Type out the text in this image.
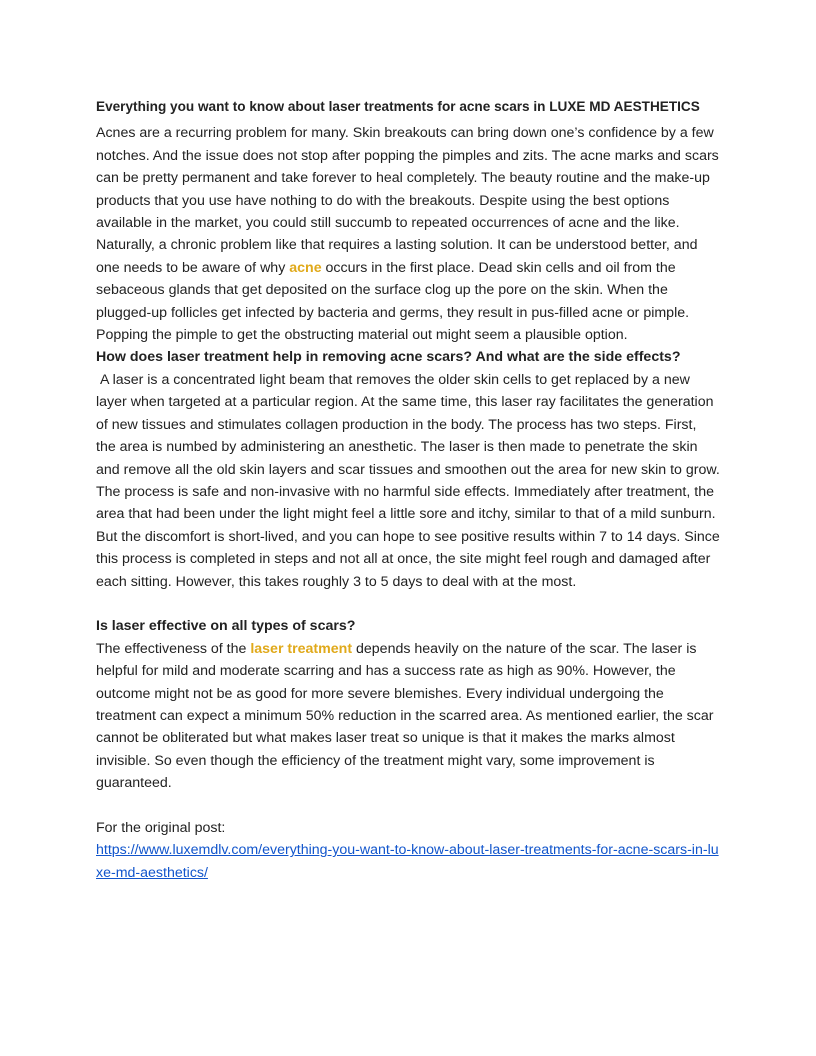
Everything you want to know about laser treatments for acne scars in LUXE MD AESTHETICS

Acnes are a recurring problem for many. Skin breakouts can bring down one’s confidence by a few notches. And the issue does not stop after popping the pimples and zits. The acne marks and scars can be pretty permanent and take forever to heal completely. The beauty routine and the make-up products that you use have nothing to do with the breakouts. Despite using the best options available in the market, you could still succumb to repeated occurrences of acne and the like. Naturally, a chronic problem like that requires a lasting solution. It can be understood better, and one needs to be aware of why acne occurs in the first place. Dead skin cells and oil from the sebaceous glands that get deposited on the surface clog up the pore on the skin. When the plugged-up follicles get infected by bacteria and germs, they result in pus-filled acne or pimple. Popping the pimple to get the obstructing material out might seem a plausible option.

How does laser treatment help in removing acne scars? And what are the side effects?

A laser is a concentrated light beam that removes the older skin cells to get replaced by a new layer when targeted at a particular region. At the same time, this laser ray facilitates the generation of new tissues and stimulates collagen production in the body. The process has two steps. First, the area is numbed by administering an anesthetic. The laser is then made to penetrate the skin and remove all the old skin layers and scar tissues and smoothen out the area for new skin to grow. The process is safe and non-invasive with no harmful side effects. Immediately after treatment, the area that had been under the light might feel a little sore and itchy, similar to that of a mild sunburn. But the discomfort is short-lived, and you can hope to see positive results within 7 to 14 days. Since this process is completed in steps and not all at once, the site might feel rough and damaged after each sitting. However, this takes roughly 3 to 5 days to deal with at the most.

Is laser effective on all types of scars?

The effectiveness of the laser treatment depends heavily on the nature of the scar. The laser is helpful for mild and moderate scarring and has a success rate as high as 90%. However, the outcome might not be as good for more severe blemishes. Every individual undergoing the treatment can expect a minimum 50% reduction in the scarred area. As mentioned earlier, the scar cannot be obliterated but what makes laser treat so unique is that it makes the marks almost invisible. So even though the efficiency of the treatment might vary, some improvement is guaranteed.

For the original post:

https://www.luxemdlv.com/everything-you-want-to-know-about-laser-treatments-for-acne-scars-in-luxe-md-aesthetics/
